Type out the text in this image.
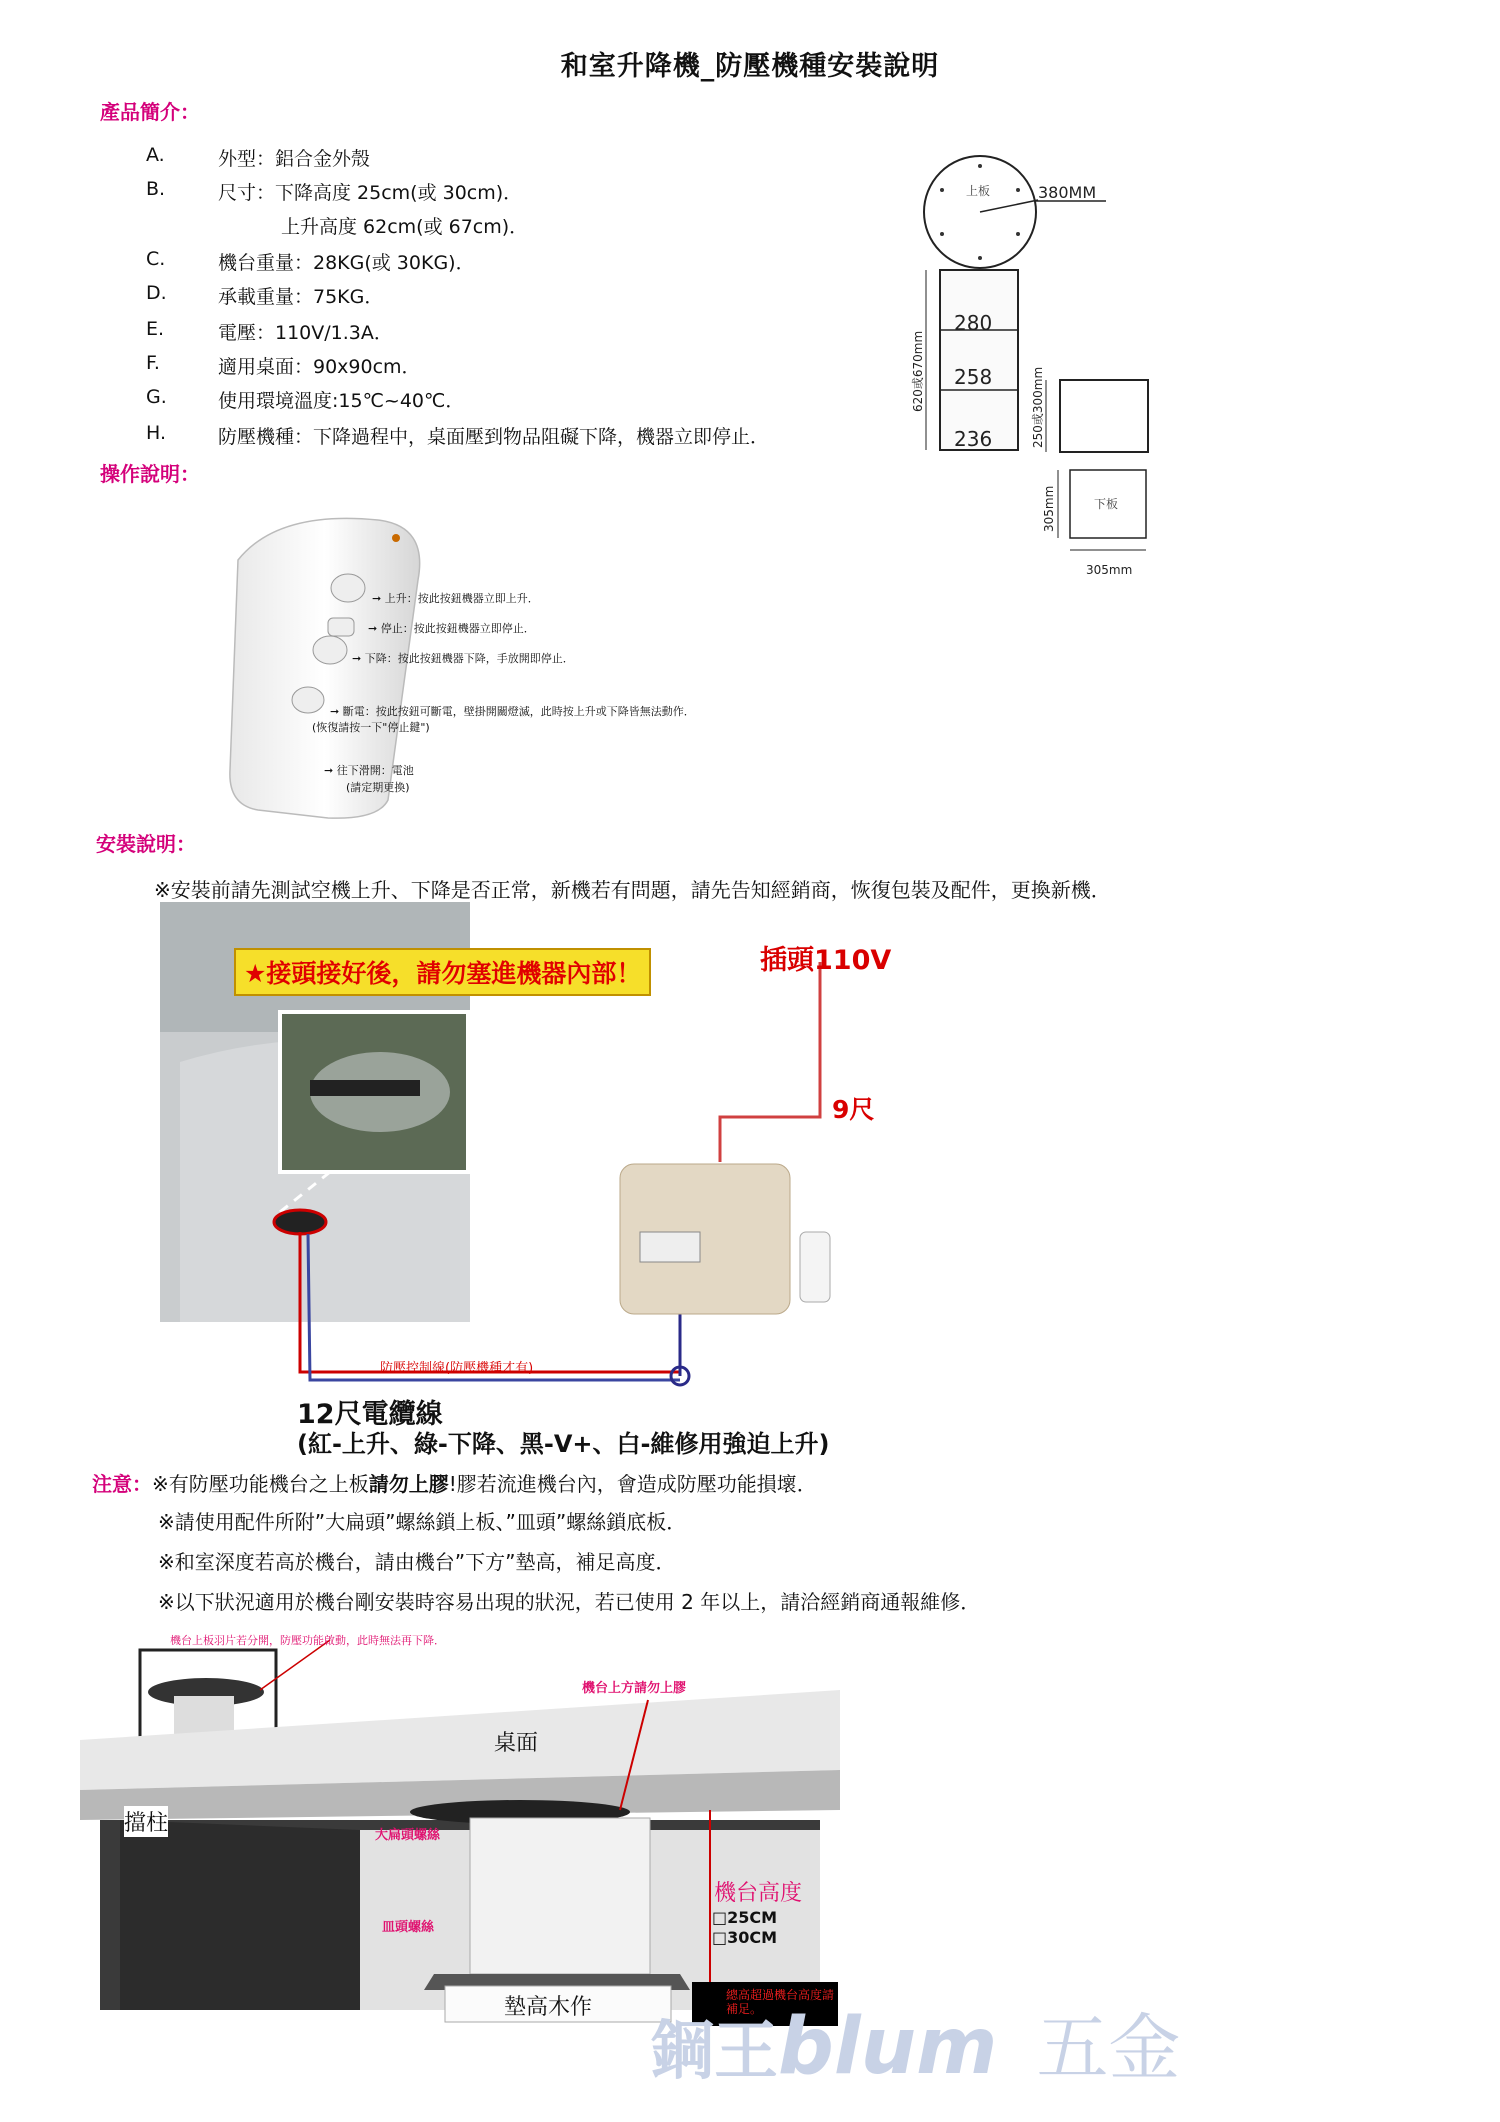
和室升降機_防壓機種安裝說明
產品簡介：
A.	外型：鋁合金外殼
B.	尺寸：下降高度 25cm(或 30cm)．
上升高度 62cm(或 67cm)．
C.	機台重量：28KG(或 30KG)．
D.	承載重量：75KG．
E.	電壓：110V/1.3A．
F.	適用桌面：90x90cm．
G.	使用環境溫度:15℃~40℃．
H.	防壓機種：下降過程中，桌面壓到物品阻礙下降，機器立即停止．
上板	380MM
280
258
236
620或670mm	250或300mm
下板
305mm
305mm
操作說明：
➞ 上升：按此按鈕機器立即上升．
➞ 停止：按此按鈕機器立即停止．
➞ 下降：按此按鈕機器下降，手放開即停止．
➞ 斷電：按此按鈕可斷電，壁掛開關燈滅，此時按上升或下降皆無法動作．
(恢復請按一下"停止鍵")
➞ 往下滑開：電池
(請定期更換)
安裝說明：
※安裝前請先測試空機上升、下降是否正常，新機若有問題，請先告知經銷商，恢復包裝及配件，更換新機．
★接頭接好後，請勿塞進機器內部！	插頭110V
9尺
防壓控制線(防壓機種才有)
12尺電纜線
(紅-上升、綠-下降、黑-V+、白-維修用強迫上升)
注意：※有防壓功能機台之上板請勿上膠!膠若流進機台內，會造成防壓功能損壞．
※請使用配件所附”大扁頭”螺絲鎖上板、”皿頭”螺絲鎖底板．
※和室深度若高於機台，請由機台”下方”墊高，補足高度．
※以下狀況適用於機台剛安裝時容易出現的狀況，若已使用 2 年以上，請洽經銷商通報維修．
機台上板羽片若分開，防壓功能啟動，此時無法再下降．
機台上方請勿上膠
桌面
擋柱	大扁頭螺絲
皿頭螺絲
機台高度
□25CM
□30CM
墊高木作	總高超過機台高度請補足。
鋼王blum 五金
